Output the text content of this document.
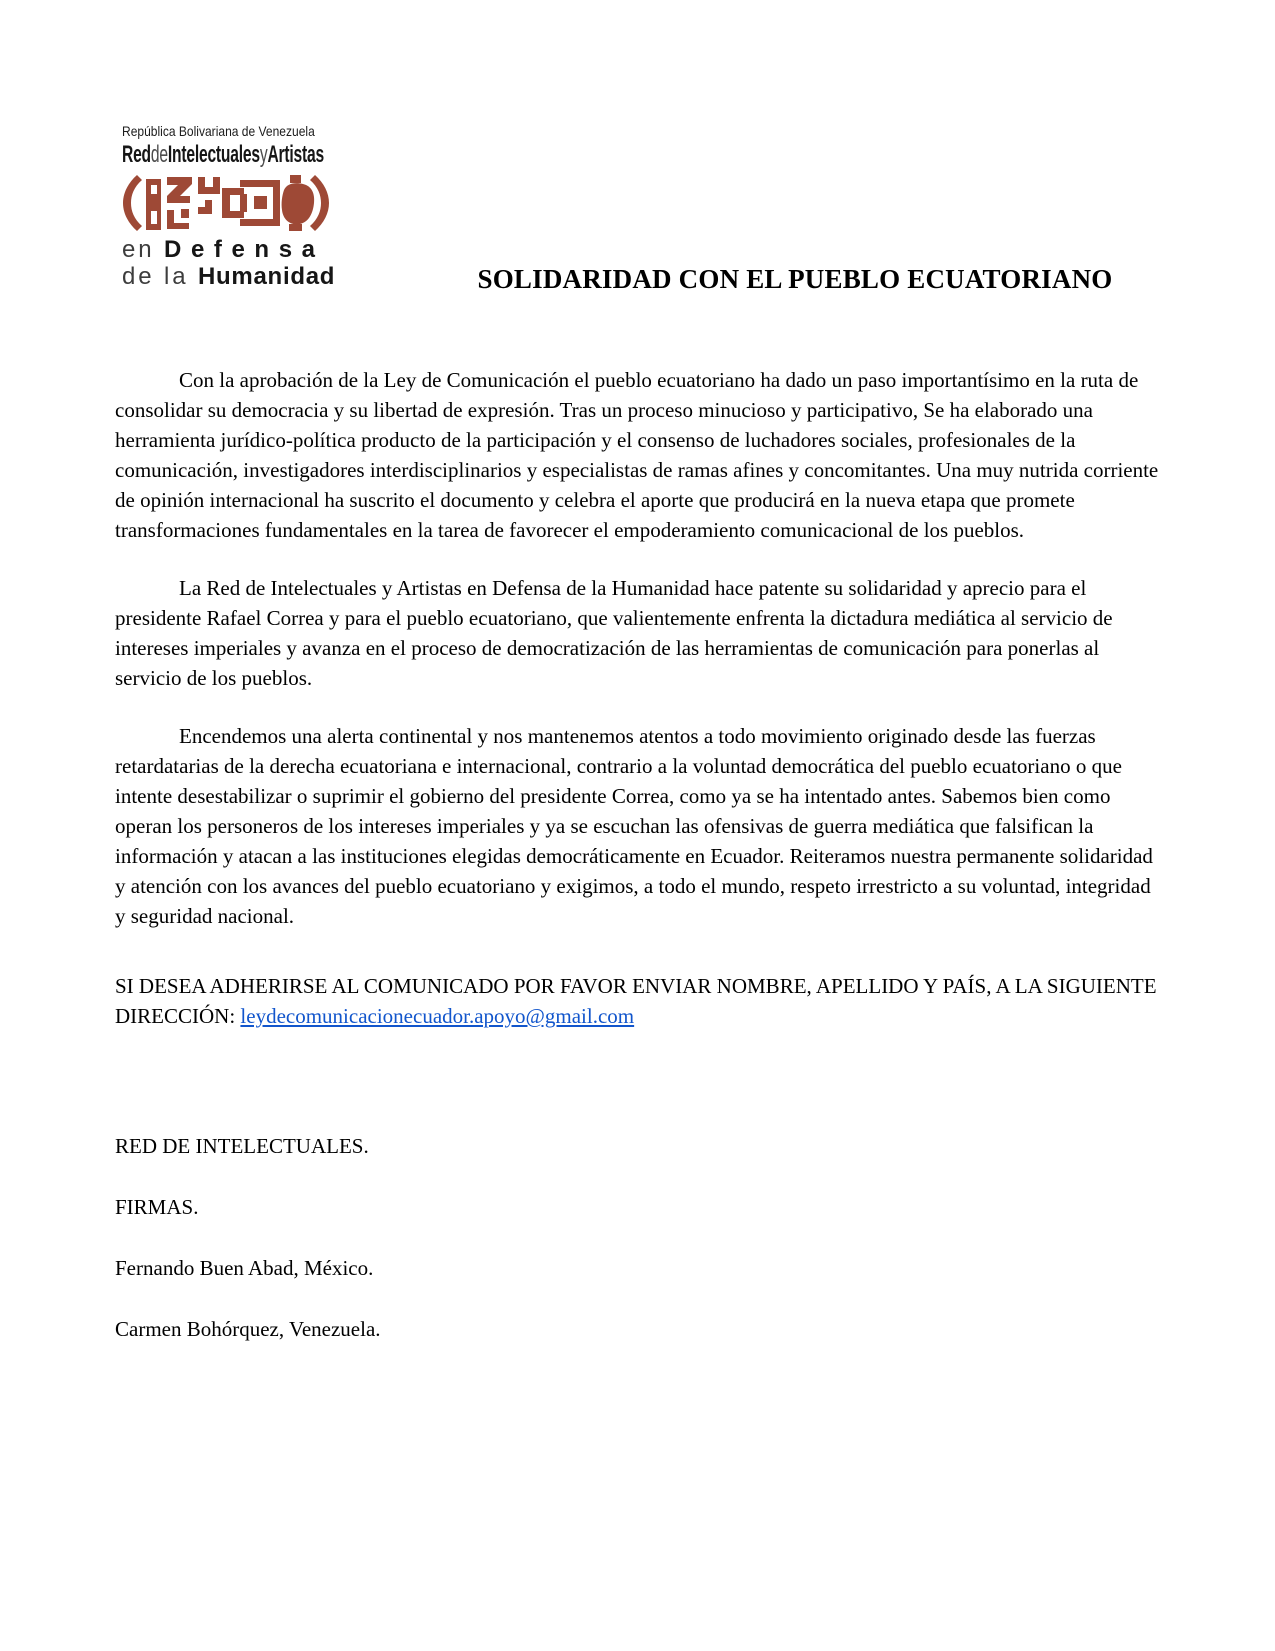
República Bolivariana de Venezuela
ReddeIntelectualesyArtistas
en Defensa
de la Humanidad	SOLIDARIDAD CON EL PUEBLO ECUATORIANO

Con la aprobación de la Ley de Comunicación el pueblo ecuatoriano ha dado un paso importantísimo en la ruta de consolidar su democracia y su libertad de expresión. Tras un proceso minucioso y participativo, Se ha elaborado una herramienta jurídico-política producto de la participación y el consenso de luchadores sociales, profesionales de la comunicación, investigadores interdisciplinarios y especialistas de ramas afines y concomitantes. Una muy nutrida corriente de opinión internacional ha suscrito el documento y celebra el aporte que producirá en la nueva etapa que promete transformaciones fundamentales en la tarea de favorecer el empoderamiento comunicacional de los pueblos.

La Red de Intelectuales y Artistas en Defensa de la Humanidad hace patente su solidaridad y aprecio para el presidente Rafael Correa y para el pueblo ecuatoriano, que valientemente enfrenta la dictadura mediática al servicio de intereses imperiales y avanza en el proceso de democratización de las herramientas de comunicación para ponerlas al servicio de los pueblos.

Encendemos una alerta continental y nos mantenemos atentos a todo movimiento originado desde las fuerzas retardatarias de la derecha ecuatoriana e internacional, contrario a la voluntad democrática del pueblo ecuatoriano o que intente desestabilizar o suprimir el gobierno del presidente Correa, como ya se ha intentado antes. Sabemos bien como operan los personeros de los intereses imperiales y ya se escuchan las ofensivas de guerra mediática que falsifican la información y atacan a las instituciones elegidas democráticamente en Ecuador. Reiteramos nuestra permanente solidaridad y atención con los avances del pueblo ecuatoriano y exigimos, a todo el mundo, respeto irrestricto a su voluntad, integridad y seguridad nacional.

SI DESEA ADHERIRSE AL COMUNICADO POR FAVOR ENVIAR NOMBRE, APELLIDO Y PAÍS, A LA SIGUIENTE DIRECCIÓN: leydecomunicacionecuador.apoyo@gmail.com

RED DE INTELECTUALES.
FIRMAS.
Fernando Buen Abad, México.
Carmen Bohórquez, Venezuela.
